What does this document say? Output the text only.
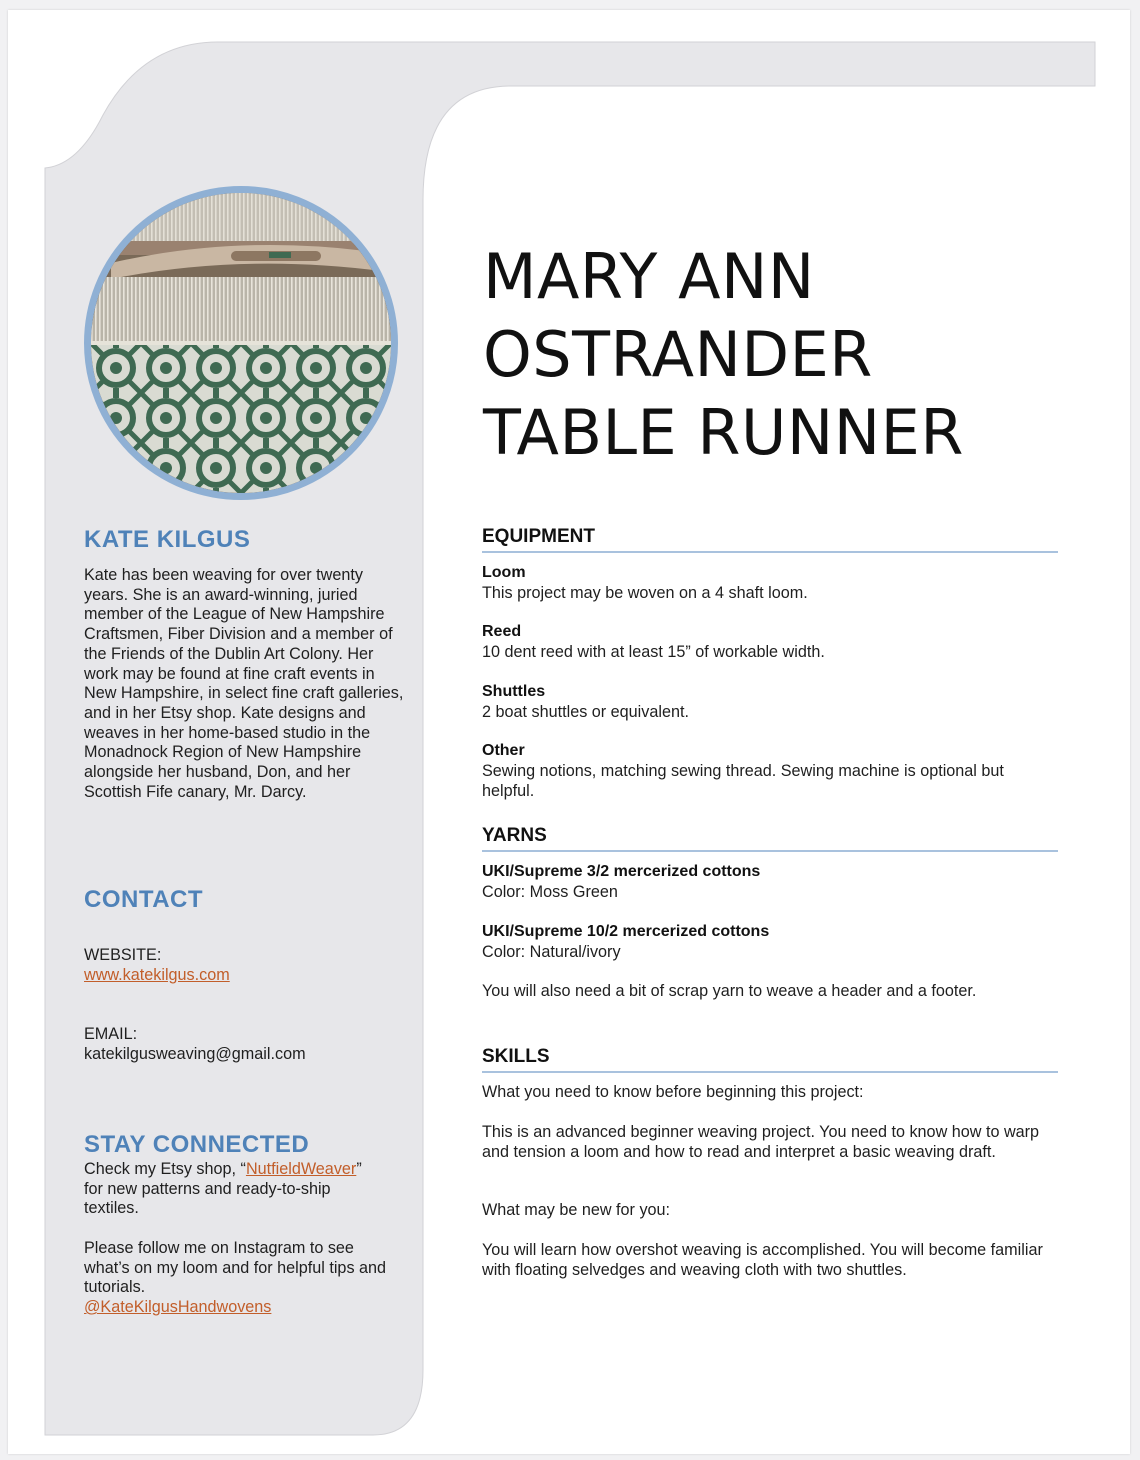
KATE KILGUS

Kate has been weaving for over twenty years. She is an award-winning, juried member of the League of New Hampshire Craftsmen, Fiber Division and a member of the Friends of the Dublin Art Colony. Her work may be found at fine craft events in New Hampshire, in select fine craft galleries, and in her Etsy shop. Kate designs and weaves in her home-based studio in the Monadnock Region of New Hampshire alongside her husband, Don, and her Scottish Fife canary, Mr. Darcy.

CONTACT

WEBSITE:

www.katekilgus.com

EMAIL:

katekilgusweaving@gmail.com

STAY CONNECTED

Check my Etsy shop, “NutfieldWeaver” for new patterns and ready-to-ship textiles.

Please follow me on Instagram to see what’s on my loom and for helpful tips and tutorials.

@KateKilgusHandwovens

MARY ANN
OSTRANDER
TABLE RUNNER
EQUIPMENT

Loom

This project may be woven on a 4 shaft loom.

Reed

10 dent reed with at least 15” of workable width.

Shuttles

2 boat shuttles or equivalent.

Other

Sewing notions, matching sewing thread. Sewing machine is optional but helpful.

YARNS

UKI/Supreme 3/2 mercerized cottons

Color: Moss Green

UKI/Supreme 10/2 mercerized cottons

Color: Natural/ivory

You will also need a bit of scrap yarn to weave a header and a footer.

SKILLS

What you need to know before beginning this project:

This is an advanced beginner weaving project. You need to know how to warp and tension a loom and how to read and interpret a basic weaving draft.

What may be new for you:

You will learn how overshot weaving is accomplished. You will become familiar with floating selvedges and weaving cloth with two shuttles.
